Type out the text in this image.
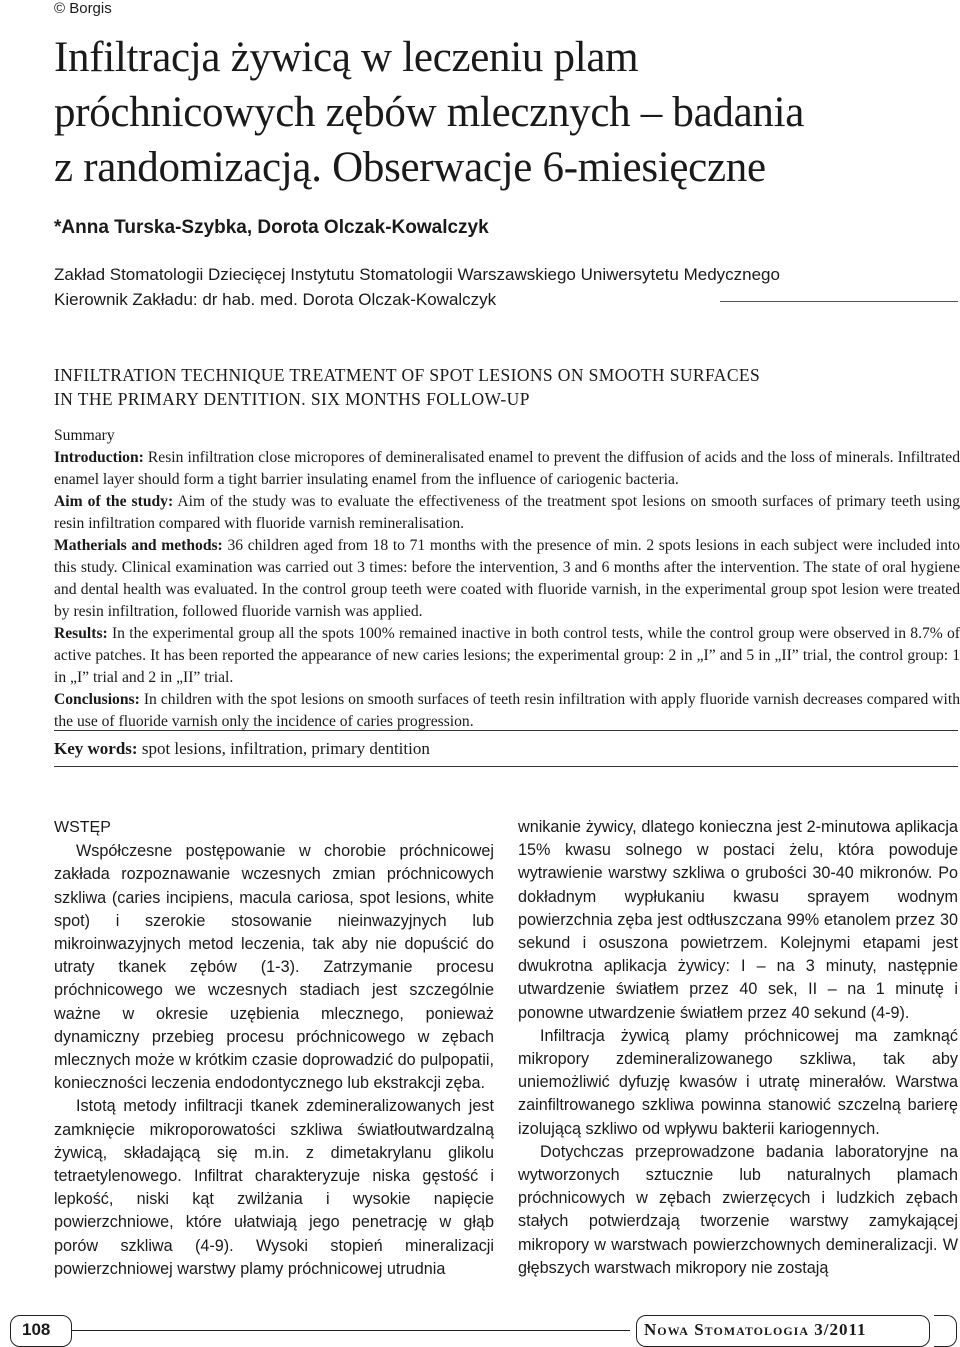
© Borgis
Infiltracja żywicą w leczeniu plam
próchnicowych zębów mlecznych – badania
z randomizacją. Obserwacje 6-miesięczne
*Anna Turska-Szybka, Dorota Olczak-Kowalczyk
Zakład Stomatologii Dziecięcej Instytutu Stomatologii Warszawskiego Uniwersytetu Medycznego
Kierownik Zakładu: dr hab. med. Dorota Olczak-Kowalczyk
INFILTRATION TECHNIQUE TREATMENT OF SPOT LESIONS ON SMOOTH SURFACES
IN THE PRIMARY DENTITION. SIX MONTHS FOLLOW-UP
Summary

Introduction: Resin infiltration close micropores of demineralisated enamel to prevent the diffusion of acids and the loss of minerals. Infiltrated enamel layer should form a tight barrier insulating enamel from the influence of cariogenic bacteria.

Aim of the study: Aim of the study was to evaluate the effectiveness of the treatment spot lesions on smooth surfaces of primary teeth using resin infiltration compared with fluoride varnish remineralisation.

Matherials and methods: 36 children aged from 18 to 71 months with the presence of min. 2 spots lesions in each subject were included into this study. Clinical examination was carried out 3 times: before the intervention, 3 and 6 months after the intervention. The state of oral hygiene and dental health was evaluated. In the control group teeth were coated with fluoride varnish, in the experimental group spot lesion were treated by resin infiltration, followed fluoride varnish was applied.

Results: In the experimental group all the spots 100% remained inactive in both control tests, while the control group were observed in 8.7% of active patches. It has been reported the appearance of new caries lesions; the experimental group: 2 in „I” and 5 in „II” trial, the control group: 1 in „I” trial and 2 in „II” trial.

Conclusions: In children with the spot lesions on smooth surfaces of teeth resin infiltration with apply fluoride varnish decreases compared with the use of fluoride varnish only the incidence of caries progression.

Key words: spot lesions, infiltration, primary dentition
WSTĘP

Współczesne postępowanie w chorobie próchnicowej zakłada rozpoznawanie wczesnych zmian próchnicowych szkliwa (caries incipiens, macula cariosa, spot lesions, white spot) i szerokie stosowanie nieinwazyjnych lub mikroinwazyjnych metod leczenia, tak aby nie dopuścić do utraty tkanek zębów (1-3). Zatrzymanie procesu próchnicowego we wczesnych stadiach jest szczególnie ważne w okresie uzębienia mlecznego, ponieważ dynamiczny przebieg procesu próchnicowego w zębach mlecznych może w krótkim czasie doprowadzić do pulpopatii, konieczności leczenia endodontycznego lub ekstrakcji zęba.

Istotą metody infiltracji tkanek zdemineralizowanych jest zamknięcie mikroporowatości szkliwa światłoutwardzalną żywicą, składającą się m.in. z dimetakrylanu glikolu tetraetylenowego. Infiltrat charakteryzuje niska gęstość i lepkość, niski kąt zwilżania i wysokie napięcie powierzchniowe, które ułatwiają jego penetrację w głąb porów szkliwa (4-9). Wysoki stopień mineralizacji powierzchniowej warstwy plamy próchnicowej utrudnia

wnikanie żywicy, dlatego konieczna jest 2-minutowa aplikacja 15% kwasu solnego w postaci żelu, która powoduje wytrawienie warstwy szkliwa o grubości 30-40 mikronów. Po dokładnym wypłukaniu kwasu sprayem wodnym powierzchnia zęba jest odtłuszczana 99% etanolem przez 30 sekund i osuszona powietrzem. Kolejnymi etapami jest dwukrotna aplikacja żywicy: I – na 3 minuty, następnie utwardzenie światłem przez 40 sek, II – na 1 minutę i ponowne utwardzenie światłem przez 40 sekund (4-9).

Infiltracja żywicą plamy próchnicowej ma zamknąć mikropory zdemineralizowanego szkliwa, tak aby uniemożliwić dyfuzję kwasów i utratę minerałów. Warstwa zainfiltrowanego szkliwa powinna stanowić szczelną barierę izolującą szkliwo od wpływu bakterii kariogennych.

Dotychczas przeprowadzone badania laboratoryjne na wytworzonych sztucznie lub naturalnych plamach próchnicowych w zębach zwierzęcych i ludzkich zębach stałych potwierdzają tworzenie warstwy zamykającej mikropory w warstwach powierzchownych demineralizacji. W głębszych warstwach mikropory nie zostają

108	Nowa Stomatologia 3/2011
